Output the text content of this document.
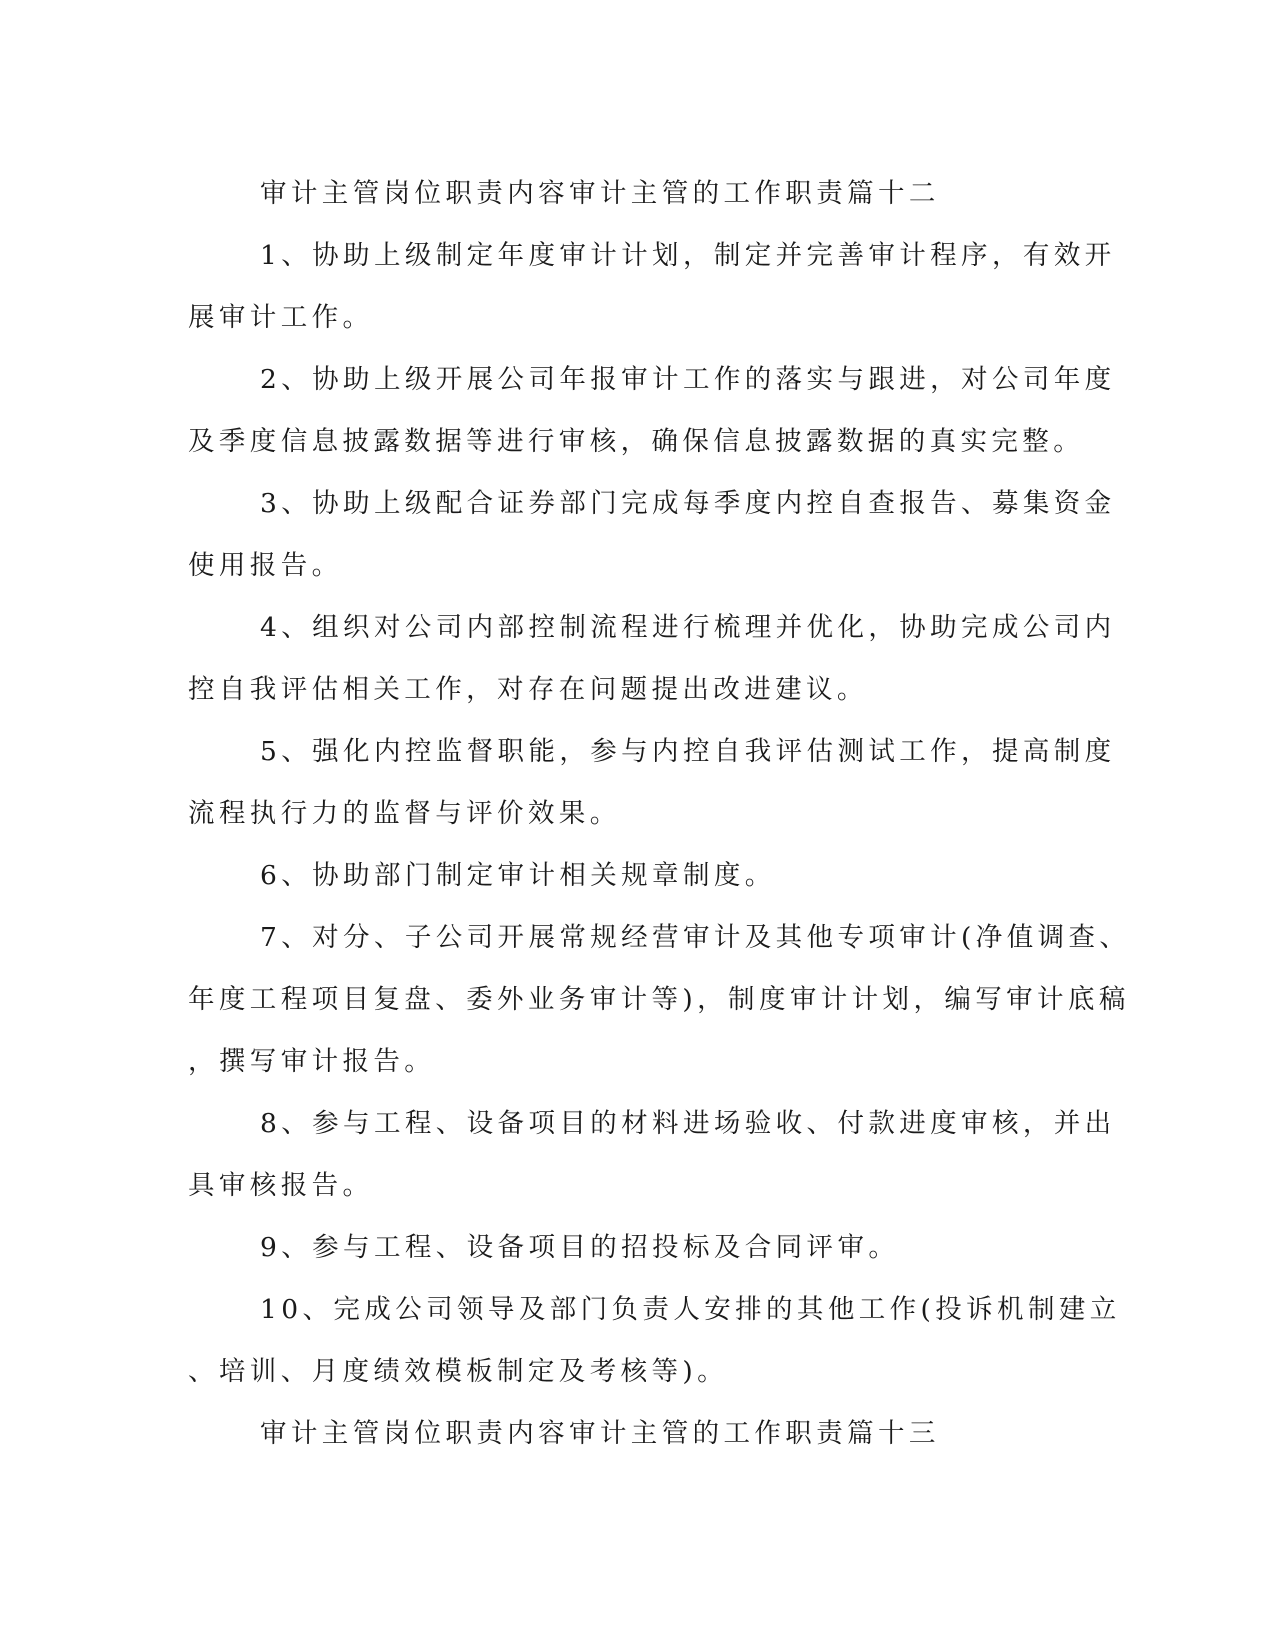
审计主管岗位职责内容审计主管的工作职责篇十二

1、协助上级制定年度审计计划，制定并完善审计程序，有效开
展审计工作。

2、协助上级开展公司年报审计工作的落实与跟进，对公司年度
及季度信息披露数据等进行审核，确保信息披露数据的真实完整。

3、协助上级配合证券部门完成每季度内控自查报告、募集资金
使用报告。

4、组织对公司内部控制流程进行梳理并优化，协助完成公司内
控自我评估相关工作，对存在问题提出改进建议。

5、强化内控监督职能，参与内控自我评估测试工作，提高制度
流程执行力的监督与评价效果。

6、协助部门制定审计相关规章制度。

7、对分、子公司开展常规经营审计及其他专项审计(净值调查、
年度工程项目复盘、委外业务审计等)，制度审计计划，编写审计底稿
，撰写审计报告。

8、参与工程、设备项目的材料进场验收、付款进度审核，并出
具审核报告。

9、参与工程、设备项目的招投标及合同评审。

10、完成公司领导及部门负责人安排的其他工作(投诉机制建立
、培训、月度绩效模板制定及考核等)。

审计主管岗位职责内容审计主管的工作职责篇十三
